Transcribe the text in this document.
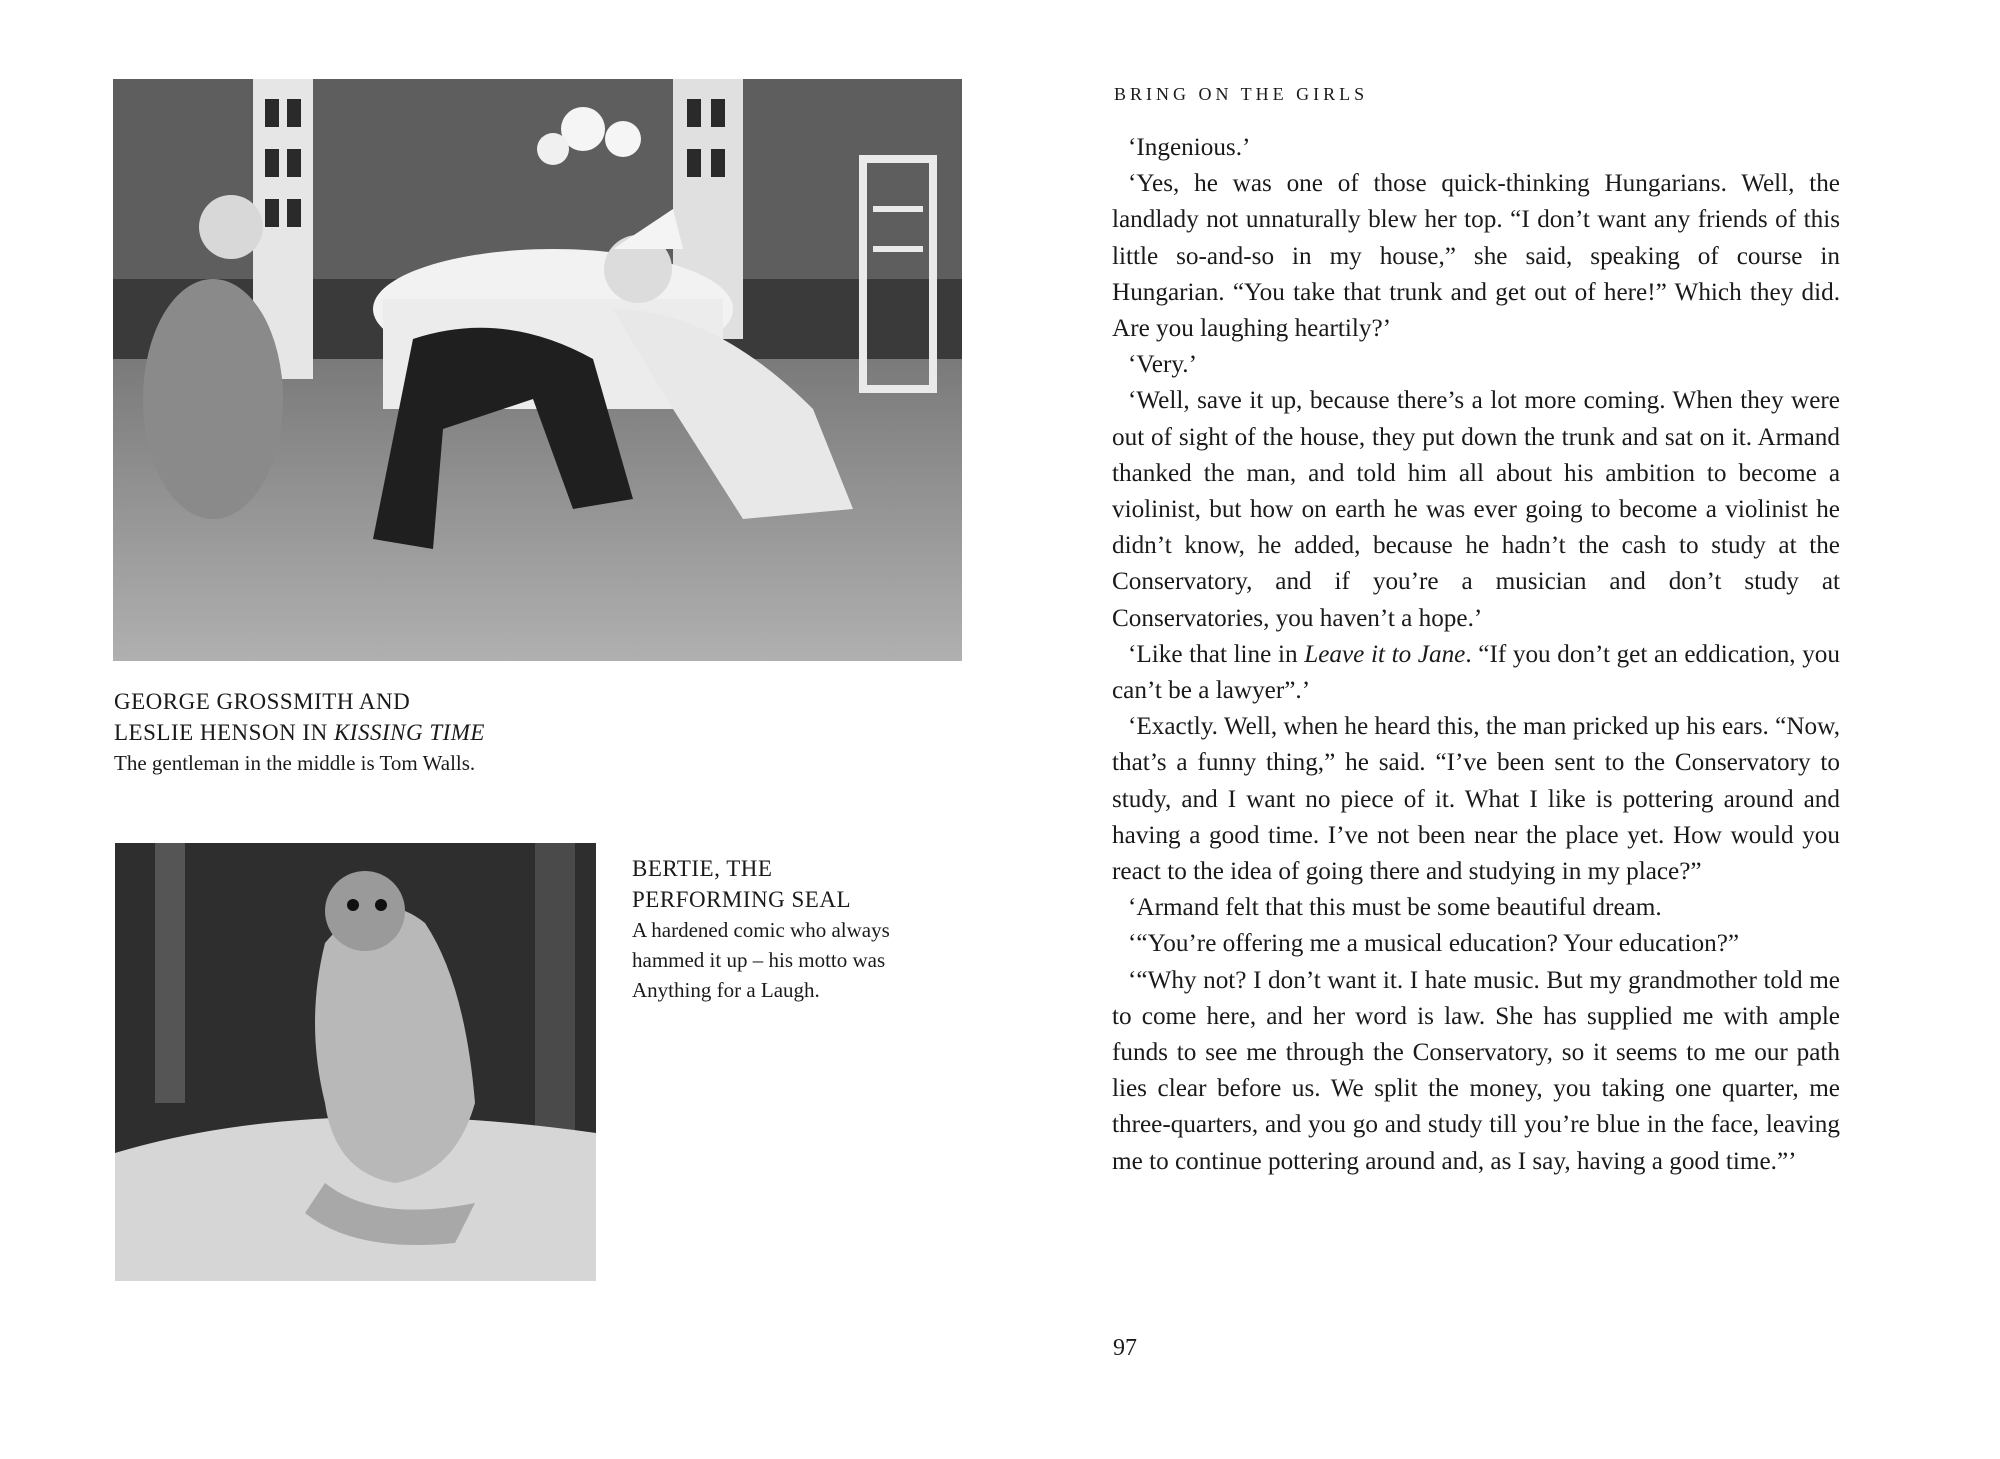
GEORGE GROSSMITH AND
LESLIE HENSON IN KISSING TIME
The gentleman in the middle is Tom Walls.
BERTIE, THE
PERFORMING SEAL
A hardened comic who always
hammed it up – his motto was
Anything for a Laugh.
BRING ON THE GIRLS

‘Ingenious.’

‘Yes, he was one of those quick-thinking Hungarians. Well, the landlady not unnaturally blew her top. “I don’t want any friends of this little so-and-so in my house,” she said, speaking of course in Hungarian. “You take that trunk and get out of here!” Which they did. Are you laughing heartily?’

‘Very.’

‘Well, save it up, because there’s a lot more coming. When they were out of sight of the house, they put down the trunk and sat on it. Armand thanked the man, and told him all about his ambition to become a violinist, but how on earth he was ever going to become a violinist he didn’t know, he added, because he hadn’t the cash to study at the Conservatory, and if you’re a musician and don’t study at Conservatories, you haven’t a hope.’

‘Like that line in Leave it to Jane. “If you don’t get an eddication, you can’t be a lawyer”.’

‘Exactly. Well, when he heard this, the man pricked up his ears. “Now, that’s a funny thing,” he said. “I’ve been sent to the Conservatory to study, and I want no piece of it. What I like is pottering around and having a good time. I’ve not been near the place yet. How would you react to the idea of going there and studying in my place?”

‘Armand felt that this must be some beautiful dream.

‘“You’re offering me a musical education? Your education?”

‘“Why not? I don’t want it. I hate music. But my grandmother told me to come here, and her word is law. She has supplied me with ample funds to see me through the Conservatory, so it seems to me our path lies clear before us. We split the money, you taking one quarter, me three-quarters, and you go and study till you’re blue in the face, leaving me to continue pottering around and, as I say, having a good time.”’

97
